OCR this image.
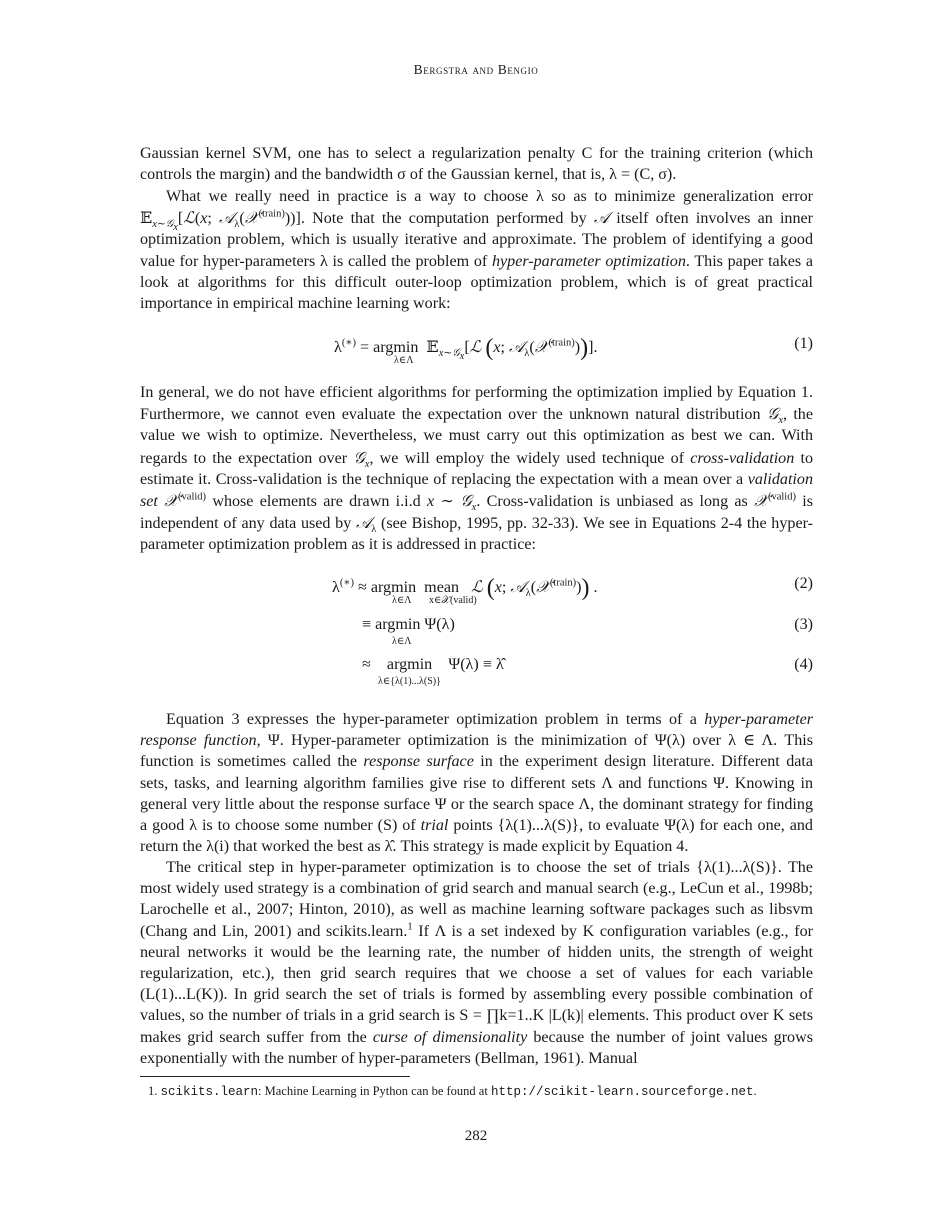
Bergstra and Bengio

Gaussian kernel SVM, one has to select a regularization penalty C for the training criterion (which controls the margin) and the bandwidth σ of the Gaussian kernel, that is, λ = (C, σ).

What we really need in practice is a way to choose λ so as to minimize generalization error 𝔼$_{x\sim 𝒢_x}$[ℒ(x; 𝒜$_\lambda$(𝒳$^{(train)}$))]. Note that the computation performed by 𝒜 itself often involves an inner optimization problem, which is usually iterative and approximate. The problem of identifying a good value for hyper-parameters λ is called the problem of hyper-parameter optimization. This paper takes a look at algorithms for this difficult outer-loop optimization problem, which is of great practical importance in empirical machine learning work:

λ(∗) = argmin  𝔼$_{x\sim 𝒢_x}$[ℒ (x; 𝒜$_\lambda$(𝒳$^{(train)}$))].
λ∈Λ
(1)

In general, we do not have efficient algorithms for performing the optimization implied by Equation 1. Furthermore, we cannot even evaluate the expectation over the unknown natural distribution 𝒢$_x$, the value we wish to optimize. Nevertheless, we must carry out this optimization as best we can. With regards to the expectation over 𝒢$_x$, we will employ the widely used technique of cross-validation to estimate it. Cross-validation is the technique of replacing the expectation with a mean over a validation set 𝒳$^{(valid)}$ whose elements are drawn i.i.d x ∼ 𝒢$_x$. Cross-validation is unbiased as long as 𝒳$^{(valid)}$ is independent of any data used by 𝒜$_\lambda$ (see Bishop, 1995, pp. 32-33). We see in Equations 2-4 the hyper-parameter optimization problem as it is addressed in practice:

λ(∗) ≈ argmin  mean   ℒ (x; 𝒜$_\lambda$(𝒳$^{(train)}$)) .
λ∈Λ x∈𝒳(valid)
(2)
≡ argmin Ψ(λ)
λ∈Λ
(3)
≈    argmin    Ψ(λ) ≡ λ̂
λ∈{λ(1)...λ(S)}
(4)

Equation 3 expresses the hyper-parameter optimization problem in terms of a hyper-parameter response function, Ψ. Hyper-parameter optimization is the minimization of Ψ(λ) over λ ∈ Λ. This function is sometimes called the response surface in the experiment design literature. Different data sets, tasks, and learning algorithm families give rise to different sets Λ and functions Ψ. Knowing in general very little about the response surface Ψ or the search space Λ, the dominant strategy for finding a good λ is to choose some number (S) of trial points {λ(1)...λ(S)}, to evaluate Ψ(λ) for each one, and return the λ(i) that worked the best as λ̂. This strategy is made explicit by Equation 4.

The critical step in hyper-parameter optimization is to choose the set of trials {λ(1)...λ(S)}. The most widely used strategy is a combination of grid search and manual search (e.g., LeCun et al., 1998b; Larochelle et al., 2007; Hinton, 2010), as well as machine learning software packages such as libsvm (Chang and Lin, 2001) and scikits.learn.$^1$ If Λ is a set indexed by K configuration variables (e.g., for neural networks it would be the learning rate, the number of hidden units, the strength of weight regularization, etc.), then grid search requires that we choose a set of values for each variable (L(1)...L(K)). In grid search the set of trials is formed by assembling every possible combination of values, so the number of trials in a grid search is S = ∏k=1..K |L(k)| elements. This product over K sets makes grid search suffer from the curse of dimensionality because the number of joint values grows exponentially with the number of hyper-parameters (Bellman, 1961). Manual

1. scikits.learn: Machine Learning in Python can be found at http://scikit-learn.sourceforge.net.
282
